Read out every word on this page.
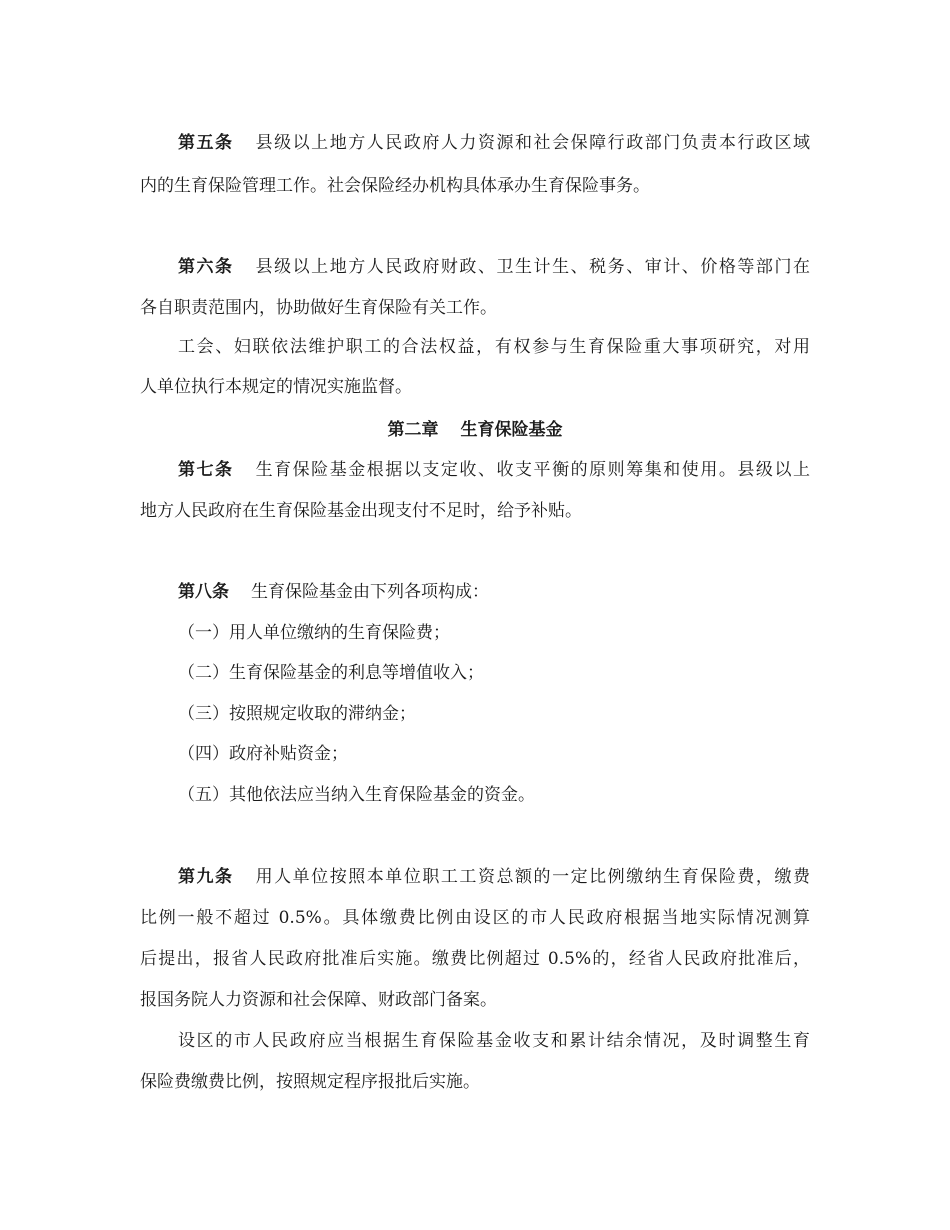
第五条 县级以上地方人民政府人力资源和社会保障行政部门负责本行政区域
内的生育保险管理工作。社会保险经办机构具体承办生育保险事务。
第六条 县级以上地方人民政府财政、卫生计生、税务、审计、价格等部门在
各自职责范围内，协助做好生育保险有关工作。
工会、妇联依法维护职工的合法权益，有权参与生育保险重大事项研究，对用
人单位执行本规定的情况实施监督。
第二章 生育保险基金
第七条 生育保险基金根据以支定收、收支平衡的原则筹集和使用。县级以上
地方人民政府在生育保险基金出现支付不足时，给予补贴。
第八条 生育保险基金由下列各项构成：
（一）用人单位缴纳的生育保险费；
（二）生育保险基金的利息等增值收入；
（三）按照规定收取的滞纳金；
（四）政府补贴资金；
（五）其他依法应当纳入生育保险基金的资金。
第九条 用人单位按照本单位职工工资总额的一定比例缴纳生育保险费，缴费
比例一般不超过 0.5%。具体缴费比例由设区的市人民政府根据当地实际情况测算
后提出，报省人民政府批准后实施。缴费比例超过 0.5%的，经省人民政府批准后，
报国务院人力资源和社会保障、财政部门备案。
设区的市人民政府应当根据生育保险基金收支和累计结余情况，及时调整生育
保险费缴费比例，按照规定程序报批后实施。
